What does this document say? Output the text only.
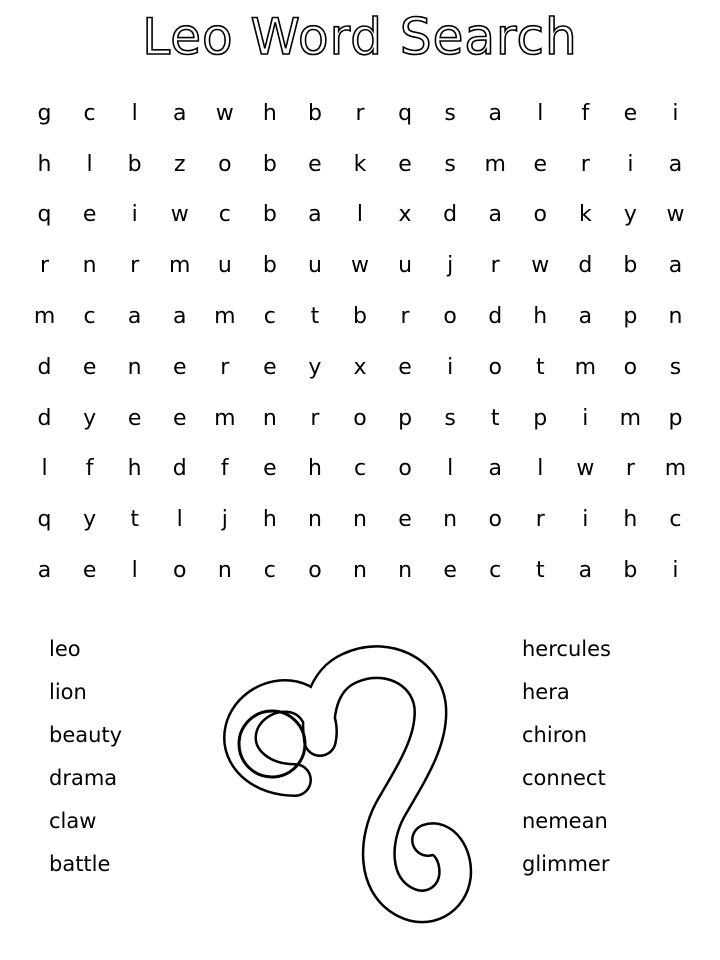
Leo Word Search
g	c	l	a	w	h	b	r	q	s	a	l	f	e	i
h	l	b	z	o	b	e	k	e	s	m	e	r	i	a
q	e	i	w	c	b	a	l	x	d	a	o	k	y	w
r	n	r	m	u	b	u	w	u	j	r	w	d	b	a
m	c	a	a	m	c	t	b	r	o	d	h	a	p	n
d	e	n	e	r	e	y	x	e	i	o	t	m	o	s
d	y	e	e	m	n	r	o	p	s	t	p	i	m	p
l	f	h	d	f	e	h	c	o	l	a	l	w	r	m
q	y	t	l	j	h	n	n	e	n	o	r	i	h	c
a	e	l	o	n	c	o	n	n	e	c	t	a	b	i
leo
lion
beauty
drama
claw
battle
hercules
hera
chiron
connect
nemean
glimmer
